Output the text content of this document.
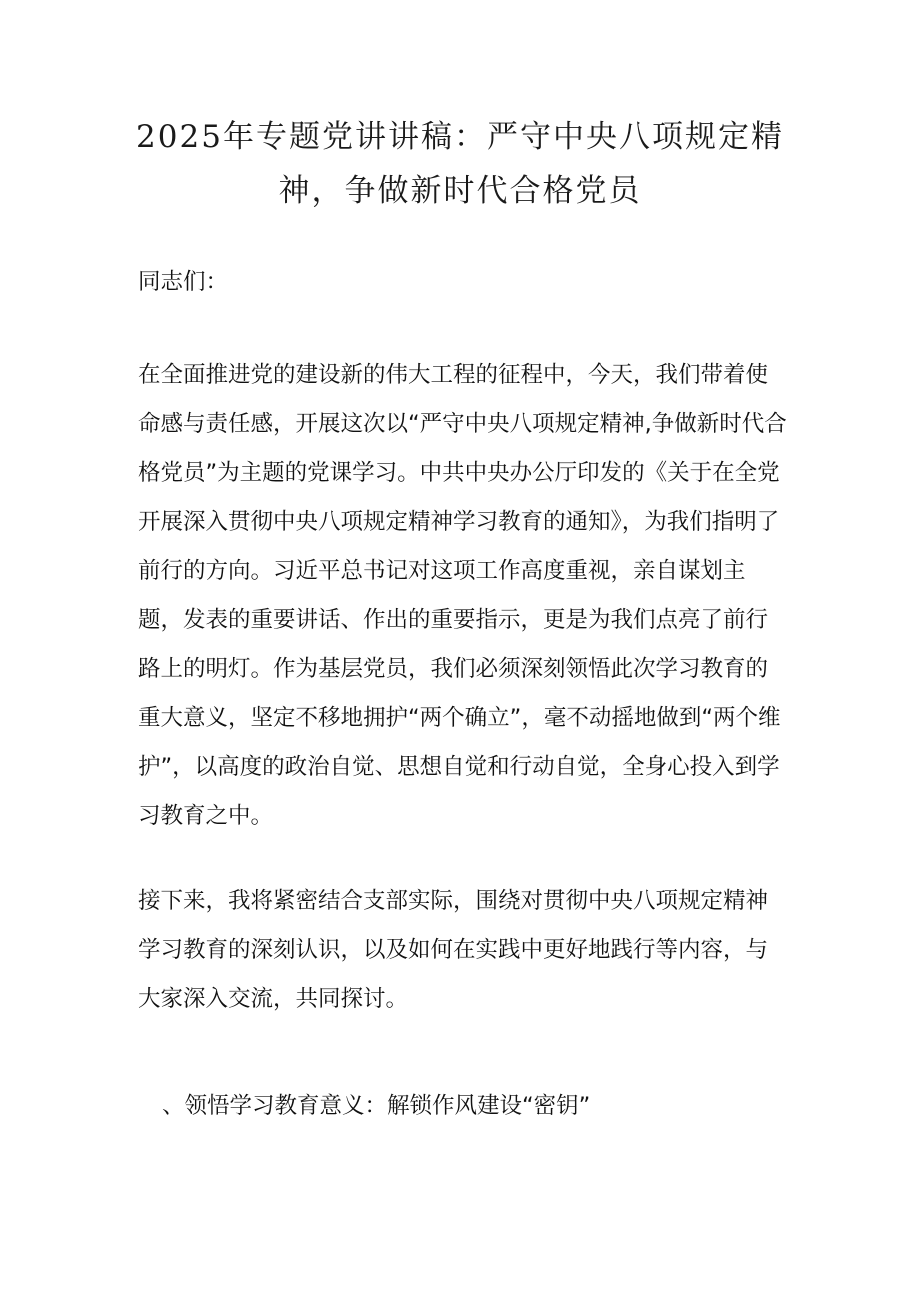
2025年专题党讲讲稿：严守中央八项规定精神，争做新时代合格党员

同志们：

在全面推进党的建设新的伟大工程的征程中，今天，我们带着使命感与责任感，开展这次以“严守中央八项规定精神,争做新时代合格党员”为主题的党课学习。中共中央办公厅印发的《关于在全党开展深入贯彻中央八项规定精神学习教育的通知》，为我们指明了前行的方向。习近平总书记对这项工作高度重视，亲自谋划主题，发表的重要讲话、作出的重要指示，更是为我们点亮了前行路上的明灯。作为基层党员，我们必须深刻领悟此次学习教育的重大意义，坚定不移地拥护“两个确立”，毫不动摇地做到“两个维护”，以高度的政治自觉、思想自觉和行动自觉，全身心投入到学习教育之中。

接下来，我将紧密结合支部实际，围绕对贯彻中央八项规定精神学习教育的深刻认识，以及如何在实践中更好地践行等内容，与大家深入交流，共同探讨。

、领悟学习教育意义：解锁作风建设“密钥”
